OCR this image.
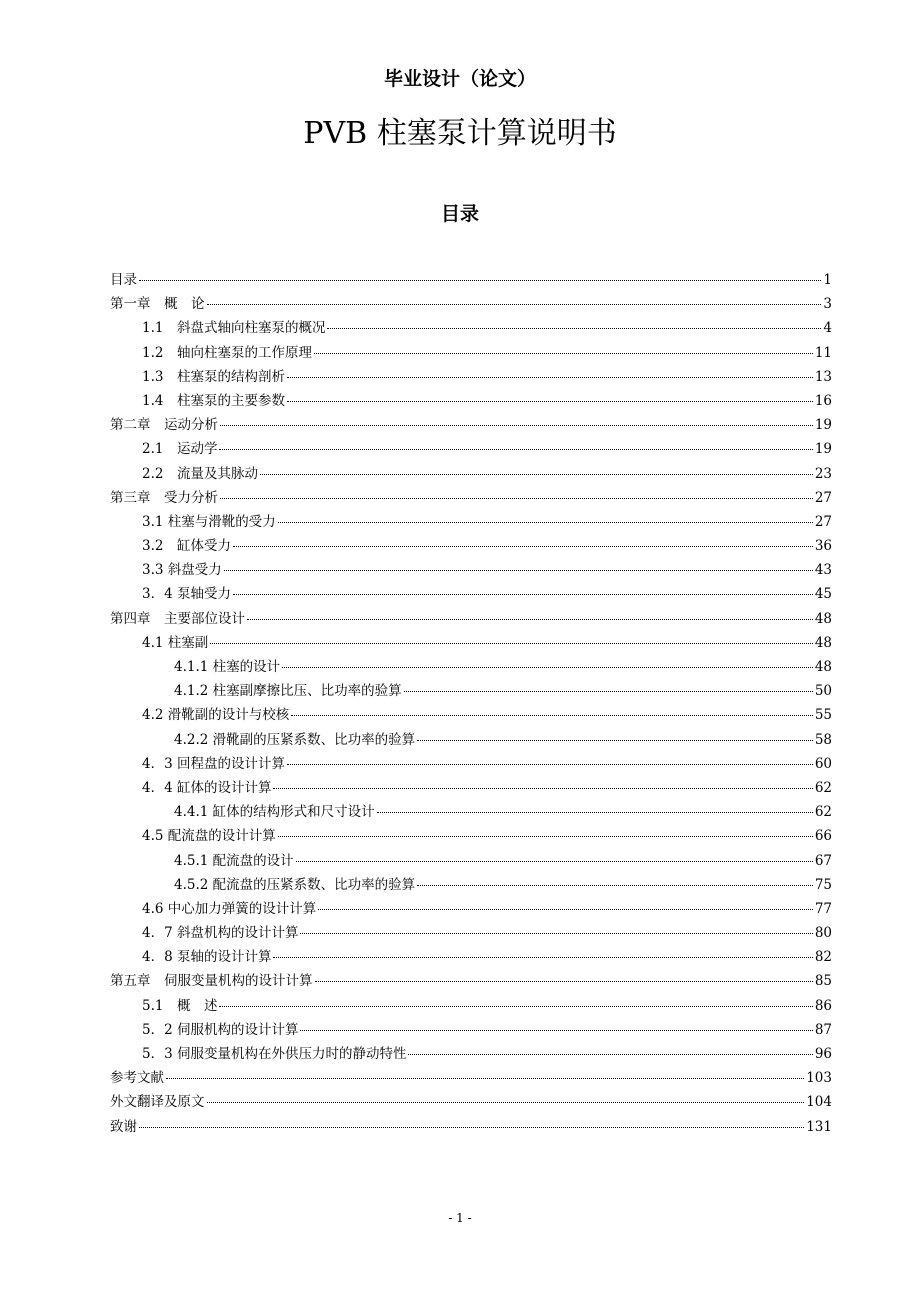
毕业设计（论文）
PVB 柱塞泵计算说明书
目录
目录	1
第一章　概　论	3
1.1　斜盘式轴向柱塞泵的概况	4
1.2　轴向柱塞泵的工作原理	11
1.3　柱塞泵的结构剖析	13
1.4　柱塞泵的主要参数	16
第二章　运动分析	19
2.1　运动学	19
2.2　流量及其脉动	23
第三章　受力分析	27
3.1 柱塞与滑靴的受力	27
3.2　缸体受力	36
3.3 斜盘受力	43
3．4 泵轴受力	45
第四章　主要部位设计	48
4.1 柱塞副	48
4.1.1 柱塞的设计	48
4.1.2 柱塞副摩擦比压、比功率的验算	50
4.2 滑靴副的设计与校核	55
4.2.2 滑靴副的压紧系数、比功率的验算	58
4．3 回程盘的设计计算	60
4．4 缸体的设计计算	62
4.4.1 缸体的结构形式和尺寸设计	62
4.5 配流盘的设计计算	66
4.5.1 配流盘的设计	67
4.5.2 配流盘的压紧系数、比功率的验算	75
4.6 中心加力弹簧的设计计算	77
4．7 斜盘机构的设计计算	80
4．8 泵轴的设计计算	82
第五章　伺服变量机构的设计计算	85
5.1　概　述	86
5．2 伺服机构的设计计算	87
5．3 伺服变量机构在外供压力时的静动特性	96
参考文献	103
外文翻译及原文	104
致谢	131
- 1 -
